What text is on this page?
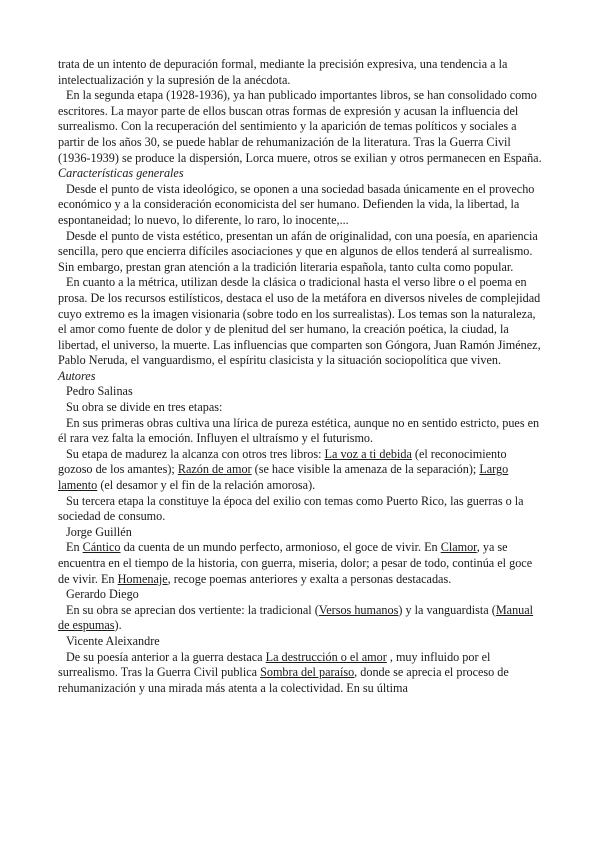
trata de un intento de depuración formal, mediante la precisión expresiva, una tendencia a la intelectualización y la supresión de la anécdota.

En la segunda etapa (1928-1936), ya han publicado importantes libros, se han consolidado como escritores. La mayor parte de ellos buscan otras formas de expresión y acusan la influencia del surrealismo. Con la recuperación del sentimiento y la aparición de temas políticos y sociales a partir de los años 30, se puede hablar de rehumanización de la literatura. Tras la Guerra Civil (1936-1939) se produce la dispersión, Lorca muere, otros se exilian y otros permanecen en España.

Características generales

Desde el punto de vista ideológico, se oponen a una sociedad basada únicamente en el provecho económico y a la consideración economicista del ser humano. Defienden la vida, la libertad, la espontaneidad; lo nuevo, lo diferente, lo raro, lo inocente,...

Desde el punto de vista estético, presentan un afán de originalidad, con una poesía, en apariencia sencilla, pero que encierra difíciles asociaciones y que en algunos de ellos tenderá al surrealismo. Sin embargo, prestan gran atención a la tradición literaria española, tanto culta como popular.

En cuanto a la métrica, utilizan desde la clásica o tradicional hasta el verso libre o el poema en prosa. De los recursos estilísticos, destaca el uso de la metáfora en diversos niveles de complejidad cuyo extremo es la imagen visionaria (sobre todo en los surrealistas). Los temas son la naturaleza, el amor como fuente de dolor y de plenitud del ser humano, la creación poética, la ciudad, la libertad, el universo, la muerte. Las influencias que comparten son Góngora, Juan Ramón Jiménez, Pablo Neruda, el vanguardismo, el espíritu clasicista y la situación sociopolítica que viven.

Autores

Pedro Salinas

Su obra se divide en tres etapas:

En sus primeras obras cultiva una lírica de pureza estética, aunque no en sentido estricto, pues en él rara vez falta la emoción. Influyen el ultraísmo y el futurismo.

Su etapa de madurez la alcanza con otros tres libros: La voz a ti debida (el reconocimiento gozoso de los amantes); Razón de amor (se hace visible la amenaza de la separación); Largo lamento (el desamor y el fin de la relación amorosa).

Su tercera etapa la constituye la época del exilio con temas como Puerto Rico, las guerras o la sociedad de consumo.

Jorge Guillén

En Cántico da cuenta de un mundo perfecto, armonioso, el goce de vivir. En Clamor, ya se encuentra en el tiempo de la historia, con guerra, miseria, dolor; a pesar de todo, continúa el goce de vivir. En Homenaje, recoge poemas anteriores y exalta a personas destacadas.

Gerardo Diego

En su obra se aprecian dos vertiente: la tradicional (Versos humanos) y la vanguardista (Manual de espumas).

Vicente Aleixandre

De su poesía anterior a la guerra destaca La destrucción o el amor , muy influido por el surrealismo. Tras la Guerra Civil publica Sombra del paraíso, donde se aprecia el proceso de rehumanización y una mirada más atenta a la colectividad. En su última
